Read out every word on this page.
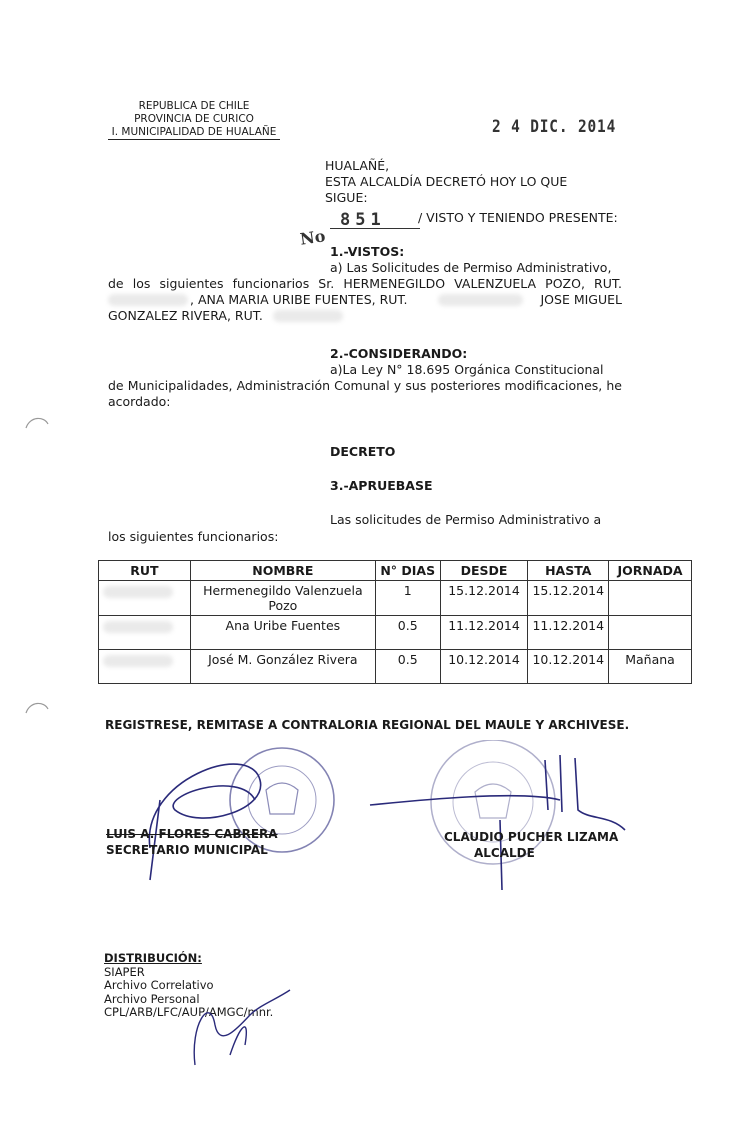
REPUBLICA DE CHILE
PROVINCIA DE CURICO
I. MUNICIPALIDAD DE HUALAÑE	2 4 DIC. 2014
HUALAÑÉ,
ESTA ALCALDÍA DECRETÓ HOY LO QUE SIGUE:
No
851	/ VISTO Y TENIENDO PRESENTE:
1.-VISTOS:
a) Las Solicitudes de Permiso Administrativo,
de los siguientes funcionarios Sr. HERMENEGILDO VALENZUELA POZO, RUT.
, ANA MARIA URIBE FUENTES, RUT.	JOSE MIGUEL
GONZALEZ RIVERA, RUT.
2.-CONSIDERANDO:
a)La Ley N° 18.695 Orgánica Constitucional
de Municipalidades, Administración Comunal y sus posteriores modificaciones, he acordado:
DECRETO
3.-APRUEBASE
Las solicitudes de Permiso Administrativo a
los siguientes funcionarios:
RUT	NOMBRE	N° DIAS	DESDE	HASTA	JORNADA
	Hermenegildo Valenzuela Pozo	1	15.12.2014	15.12.2014	
	Ana Uribe Fuentes	0.5	11.12.2014	11.12.2014	
	José M. González Rivera	0.5	10.12.2014	10.12.2014	Mañana
REGISTRESE, REMITASE A CONTRALORIA REGIONAL DEL MAULE Y ARCHIVESE.
LUIS A. FLORES CABRERA
SECRETARIO MUNICIPAL
CLAUDIO PUCHER LIZAMA
ALCALDE
DISTRIBUCIÓN:
SIAPER
Archivo Correlativo
Archivo Personal
CPL/ARB/LFC/AUP/AMGC/mnr.
